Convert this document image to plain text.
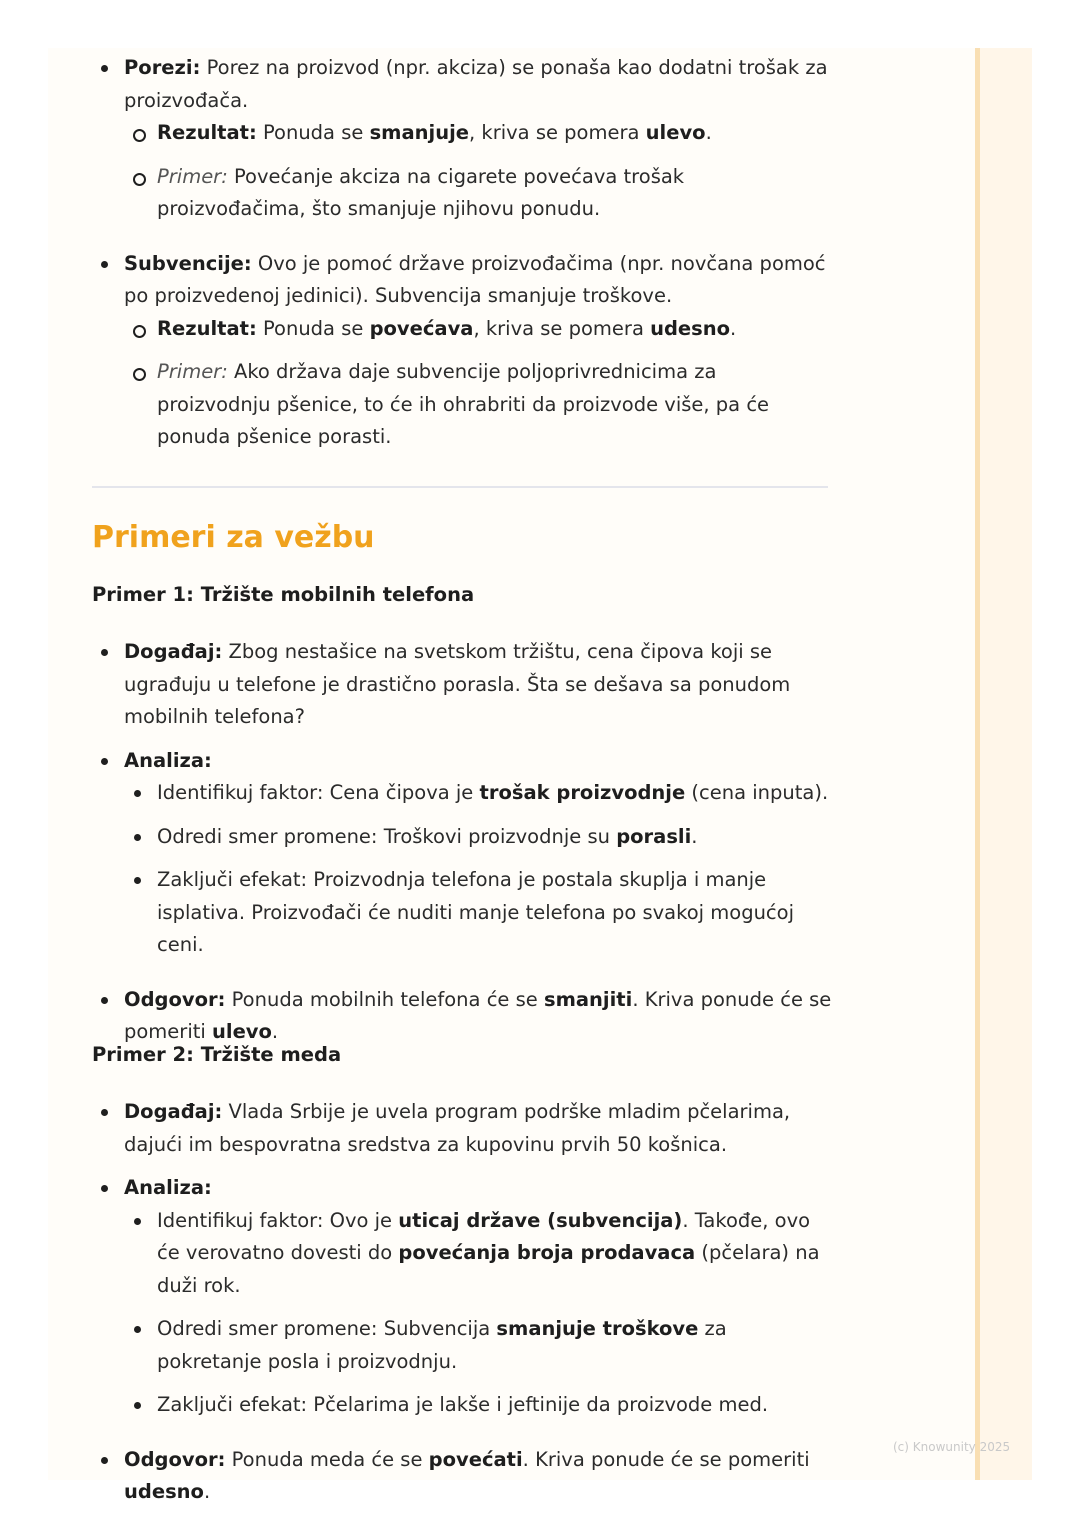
Porezi: Porez na proizvod (npr. akciza) se ponaša kao dodatni trošak za proizvođača.
Rezultat: Ponuda se smanjuje, kriva se pomera ulevo.
Primer: Povećanje akciza na cigarete povećava trošak proizvođačima, što smanjuje njihovu ponudu.
Subvencije: Ovo je pomoć države proizvođačima (npr. novčana pomoć po proizvedenoj jedinici). Subvencija smanjuje troškove.
Rezultat: Ponuda se povećava, kriva se pomera udesno.
Primer: Ako država daje subvencije poljoprivrednicima za proizvodnju pšenice, to će ih ohrabriti da proizvode više, pa će ponuda pšenice porasti.
Primeri za vežbu
Primer 1: Tržište mobilnih telefona
Događaj: Zbog nestašice na svetskom tržištu, cena čipova koji se ugrađuju u telefone je drastično porasla. Šta se dešava sa ponudom mobilnih telefona?
Analiza:
Identifikuj faktor: Cena čipova je trošak proizvodnje (cena inputa).
Odredi smer promene: Troškovi proizvodnje su porasli.
Zaključi efekat: Proizvodnja telefona je postala skuplja i manje isplativa. Proizvođači će nuditi manje telefona po svakoj mogućoj ceni.
Odgovor: Ponuda mobilnih telefona će se smanjiti. Kriva ponude će se pomeriti ulevo.
Primer 2: Tržište meda
Događaj: Vlada Srbije je uvela program podrške mladim pčelarima, dajući im bespovratna sredstva za kupovinu prvih 50 košnica.
Analiza:
Identifikuj faktor: Ovo je uticaj države (subvencija). Takođe, ovo će verovatno dovesti do povećanja broja prodavaca (pčelara) na duži rok.
Odredi smer promene: Subvencija smanjuje troškove za pokretanje posla i proizvodnju.
Zaključi efekat: Pčelarima je lakše i jeftinije da proizvode med.
Odgovor: Ponuda meda će se povećati. Kriva ponude će se pomeriti udesno.
(c) Knowunity 2025
